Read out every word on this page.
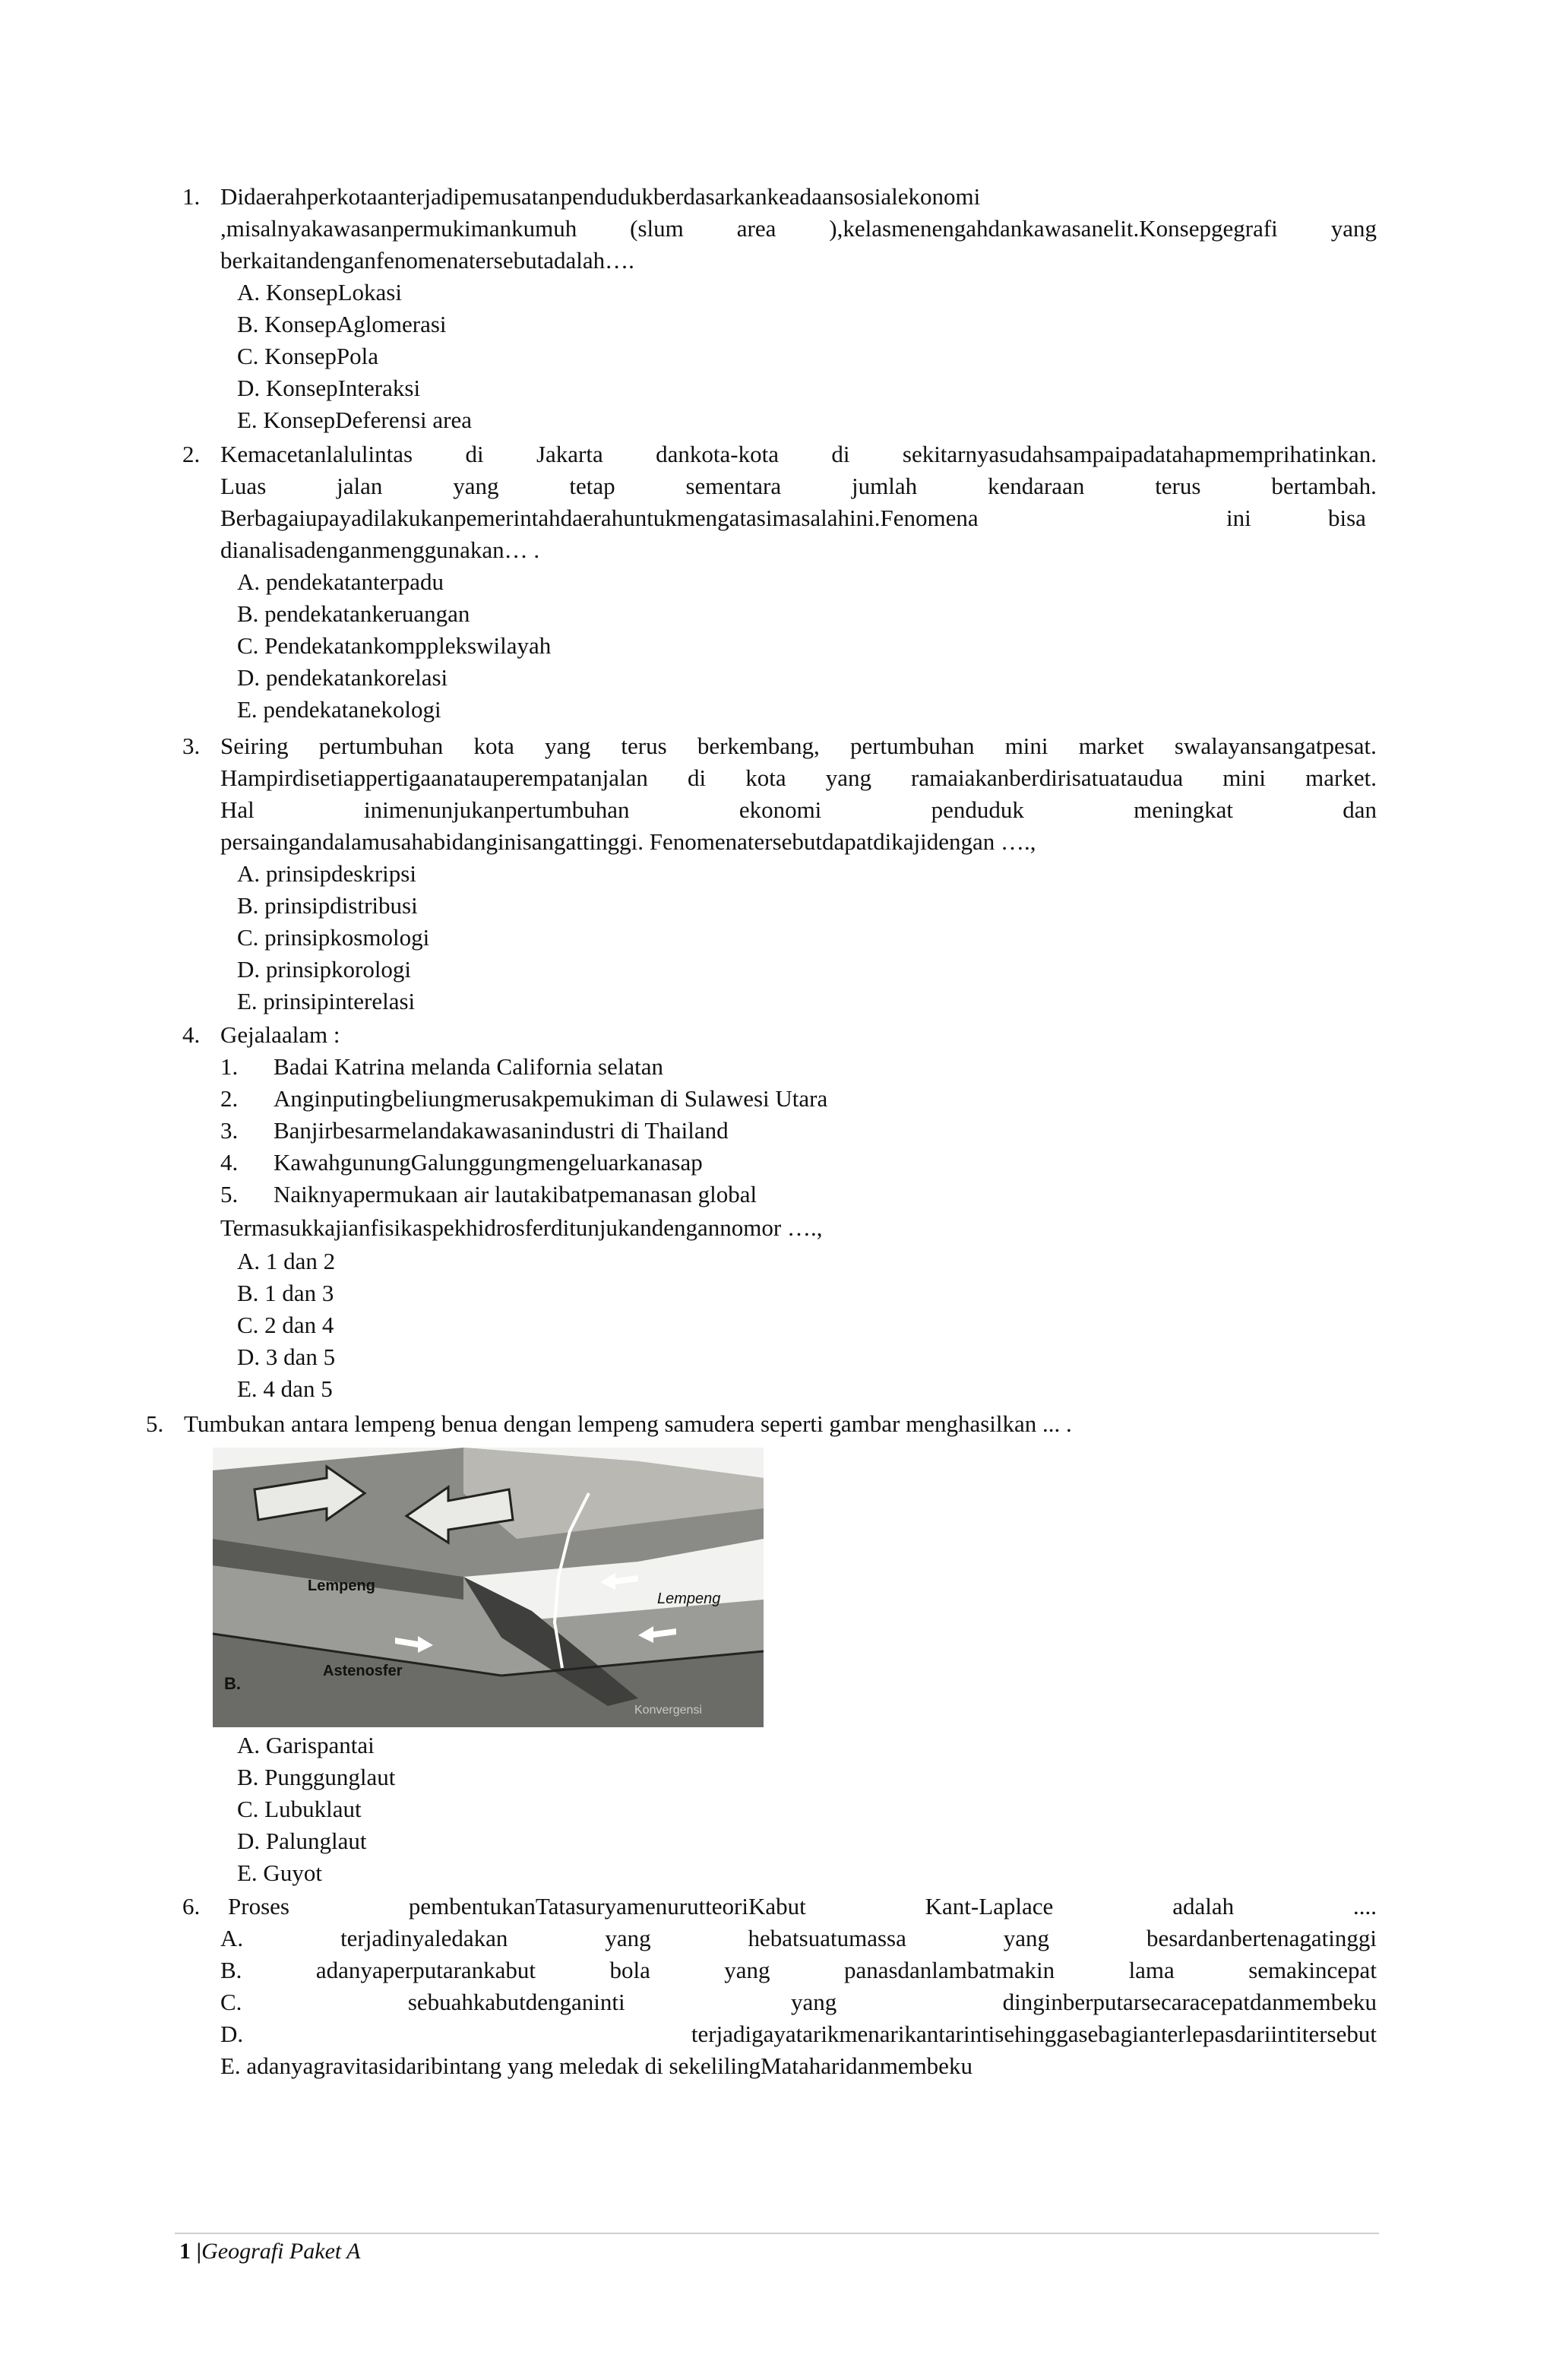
1. Didaerahperkotaanterjadipemusatanpendudukberdasarkankeadaansosialekonomi
,misalnyakawasanpermukimankumuh (slum area ),kelasmenengahdankawasanelit.Konsepgegrafi yang
berkaitandenganfenomenatersebutadalah….
A. KonsepLokasi
B. KonsepAglomerasi
C. KonsepPola
D. KonsepInteraksi
E. KonsepDeferensi area
2. Kemacetanlalulintas di Jakarta dankota-kota di sekitarnyasudahsampaipadatahapmemprihatinkan.
Luas	jalan	yang	tetap	sementara	jumlah	kendaraan	terus	bertambah.
Berbagaiupayadilakukanpemerintahdaerahuntukmengatasimasalahini.Fenomena	ini	bisa
dianalisadenganmenggunakan… .
A. pendekatanterpadu
B. pendekatankeruangan
C. Pendekatankompplekswilayah
D. pendekatankorelasi
E. pendekatanekologi
3. Seiring pertumbuhan kota yang terus berkembang, pertumbuhan mini market swalayansangatpesat.
Hampirdisetiappertigaanatauperempatanjalan di kota yang ramaiakanberdirisatuataudua mini market.
Hal	inimenunjukanpertumbuhan	ekonomi	penduduk	meningkat	dan
persaingandalamusahabidanginisangattinggi. Fenomenatersebutdapatdikajidengan ….,
A. prinsipdeskripsi
B. prinsipdistribusi
C. prinsipkosmologi
D. prinsipkorologi
E. prinsipinterelasi
4. Gejalaalam :
1. Badai Katrina melanda California selatan
2. Anginputingbeliungmerusakpemukiman di Sulawesi Utara
3. Banjirbesarmelandakawasanindustri di Thailand
4. KawahgunungGalunggungmengeluarkanasap
5. Naiknyapermukaan air lautakibatpemanasan global
Termasukkajianfisikaspekhidrosferditunjukandengannomor ….,
A. 1 dan 2
B. 1 dan 3
C. 2 dan 4
D. 3 dan 5
E. 4 dan 5
5. Tumbukan antara lempeng benua dengan lempeng samudera seperti gambar menghasilkan ... .
Lempeng
Lempeng
Astenosfer
B.
Konvergensi
A. Garispantai
B. Punggunglaut
C. Lubuklaut
D. Palunglaut
E. Guyot
6. Proses	pembentukanTatasuryamenurutteoriKabut	Kant-Laplace	adalah	....
A.	terjadinyaledakan	yang	hebatsuatumassa	yang	besardanbertenagatinggi
B.	adanyaperputarankabut	bola	yang	panasdanlambatmakin	lama	semakincepat
C.	sebuahkabutdenganinti	yang	dinginberputarsecaracepatdanmembeku
D.	terjadigayatarikmenarikantarintisehinggasebagianterlepasdariintitersebut
E. adanyagravitasidaribintang yang meledak di sekelilingMataharidanmembeku
1 |Geografi Paket A
